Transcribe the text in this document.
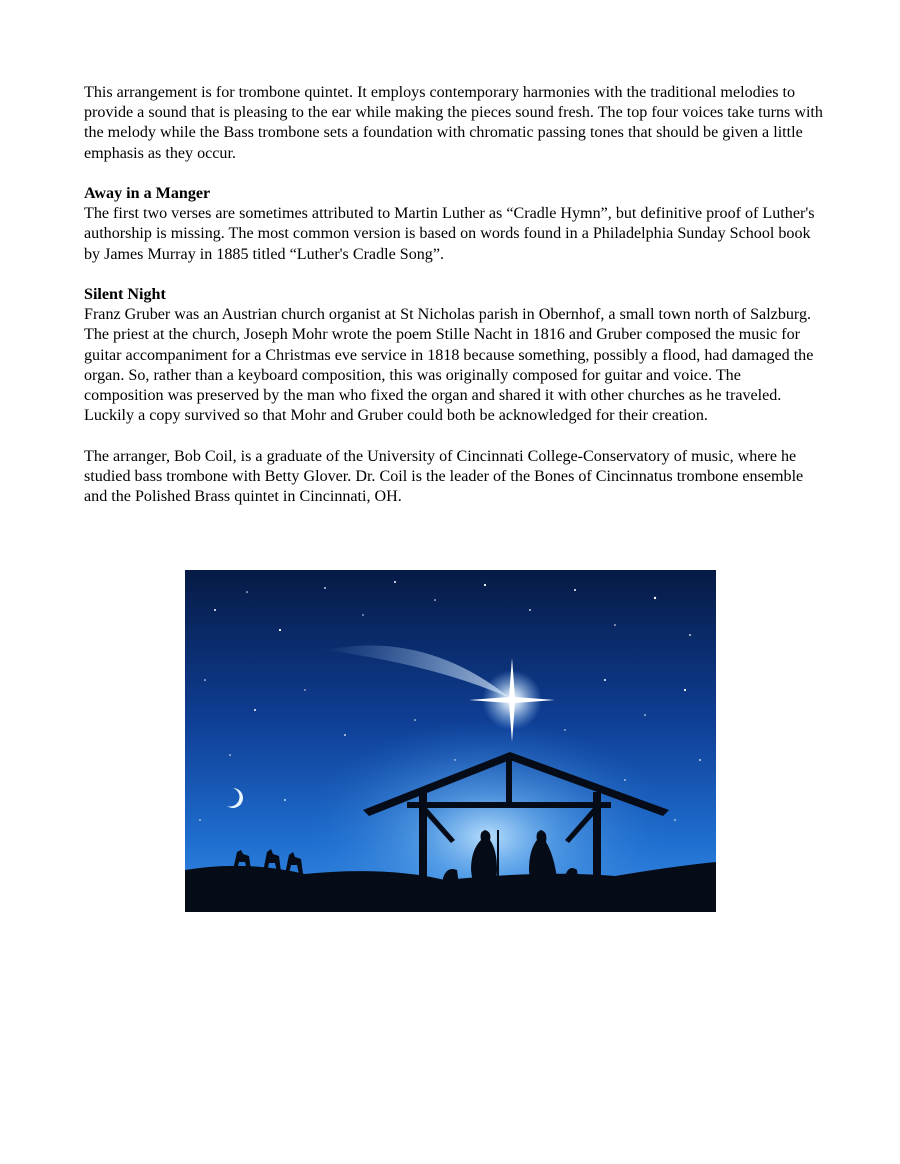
This arrangement is for trombone quintet. It employs contemporary harmonies with the traditional melodies to provide a sound that is pleasing to the ear while making the pieces sound fresh. The top four voices take turns with the melody while the Bass trombone sets a foundation with chromatic passing tones that should be given a little emphasis as they occur.

Away in a Manger

The first two verses are sometimes attributed to Martin Luther as “Cradle Hymn”, but definitive proof of Luther's authorship is missing. The most common version is based on words found in a Philadelphia Sunday School book by James Murray in 1885 titled “Luther's Cradle Song”.

Silent Night

Franz Gruber was an Austrian church organist at St Nicholas parish in Obernhof, a small town north of Salzburg. The priest at the church, Joseph Mohr wrote the poem Stille Nacht in 1816 and Gruber composed the music for guitar accompaniment for a Christmas eve service in 1818 because something, possibly a flood, had damaged the organ. So, rather than a keyboard composition, this was originally composed for guitar and voice. The composition was preserved by the man who fixed the organ and shared it with other churches as he traveled. Luckily a copy survived so that Mohr and Gruber could both be acknowledged for their creation.

The arranger, Bob Coil, is a graduate of the University of Cincinnati College-Conservatory of music, where he studied bass trombone with Betty Glover. Dr. Coil is the leader of the Bones of Cincinnatus trombone ensemble and the Polished Brass quintet in Cincinnati, OH.
